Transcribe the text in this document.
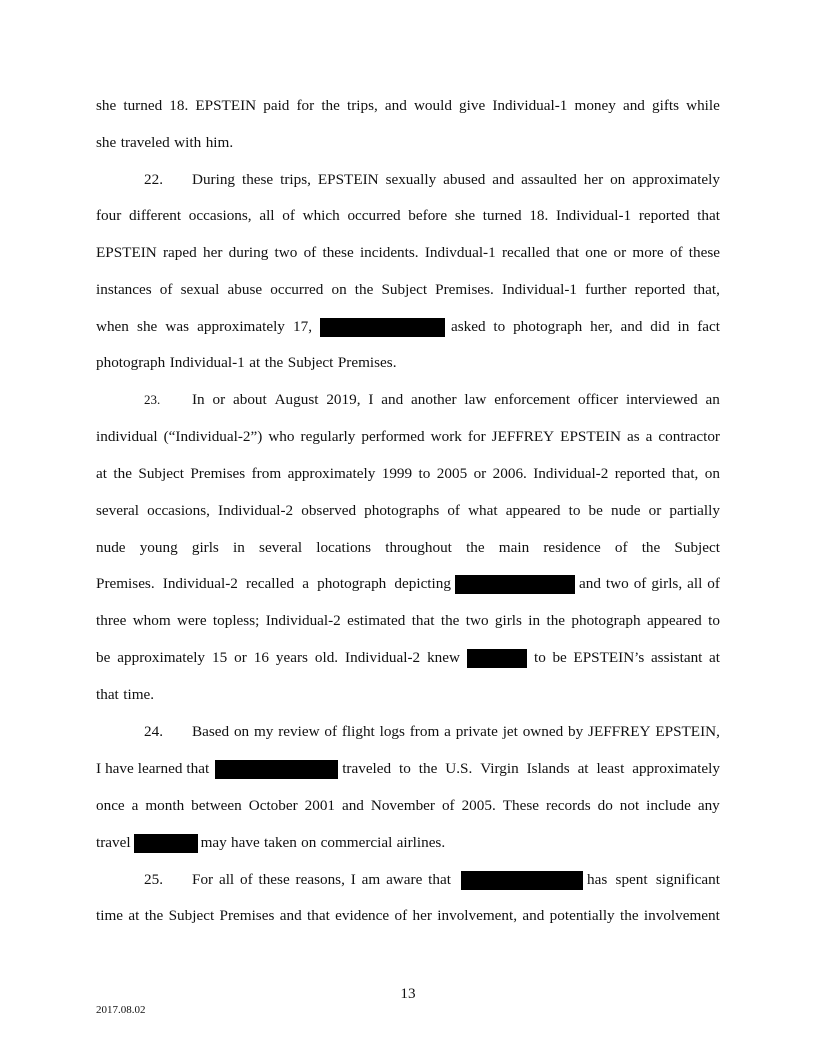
she turned 18. EPSTEIN paid for the trips, and would give Individual-1 money and gifts while
she traveled with him.
22.	During these trips, EPSTEIN sexually abused and assaulted her on approximately
four different occasions, all of which occurred before she turned 18. Individual-1 reported that
EPSTEIN raped her during two of these incidents. Indivdual-1 recalled that one or more of these
instances of sexual abuse occurred on the Subject Premises. Individual-1 further reported that,
when she was approximately 17,	asked to photograph her, and did in fact
photograph Individual-1 at the Subject Premises.
23.	In or about August 2019, I and another law enforcement officer interviewed an
individual (“Individual-2”) who regularly performed work for JEFFREY EPSTEIN as a contractor
at the Subject Premises from approximately 1999 to 2005 or 2006. Individual-2 reported that, on
several occasions, Individual-2 observed photographs of what appeared to be nude or partially
nude young girls in several locations throughout the main residence of the Subject
Premises. Individual-2 recalled a photograph depicting	and two of girls, all of
three whom were topless; Individual-2 estimated that the two girls in the photograph appeared to
be approximately 15 or 16 years old. Individual-2 knew	to be EPSTEIN’s assistant at
that time.
24.	Based on my review of flight logs from a private jet owned by JEFFREY EPSTEIN,
I have learned that	traveled to the U.S. Virgin Islands at least approximately
once a month between October 2001 and November of 2005. These records do not include any
travel	may have taken on commercial airlines.
25.	For all of these reasons, I am aware that	has spent significant
time at the Subject Premises and that evidence of her involvement, and potentially the involvement
13
2017.08.02
